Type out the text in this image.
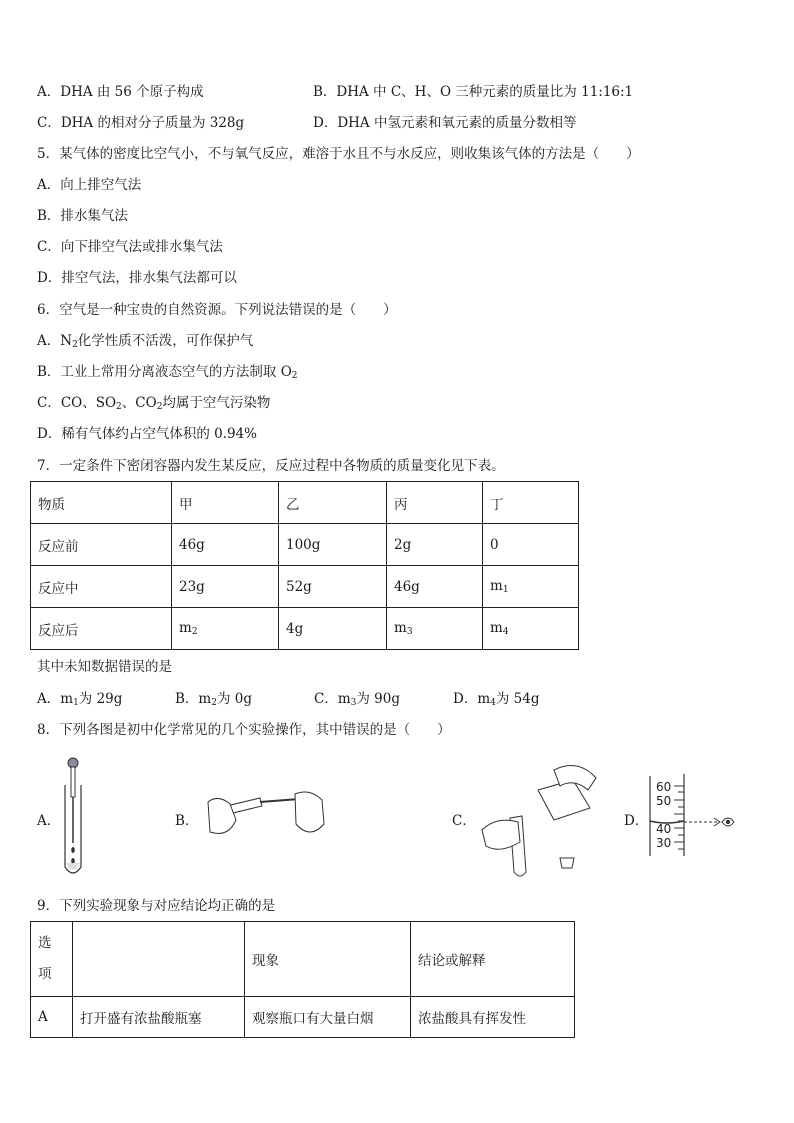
A．DHA 由 56 个原子构成	B．DHA 中 C、H、O 三种元素的质量比为 11:16:1
C．DHA 的相对分子质量为 328g	D．DHA 中氢元素和氧元素的质量分数相等
5．某气体的密度比空气小，不与氧气反应，难溶于水且不与水反应，则收集该气体的方法是（　　）
A．向上排空气法
B．排水集气法
C．向下排空气法或排水集气法
D．排空气法，排水集气法都可以
6．空气是一种宝贵的自然资源。下列说法错误的是（　　）
A．$N_2$化学性质不活泼，可作保护气
B．工业上常用分离液态空气的方法制取 $O_2$
C．CO、$SO_2$、$CO_2$均属于空气污染物
D．稀有气体约占空气体积的 0.94%
7．一定条件下密闭容器内发生某反应，反应过程中各物质的质量变化见下表。
物质	甲	乙	丙	丁
反应前	46g	100g	2g	0
反应中	23g	52g	46g	$m_1$
反应后	$m_2$	4g	$m_3$	$m_4$
其中未知数据错误的是
A．$m_1$为 29g	B．$m_2$为 0g	C．$m_3$为 90g	D．$m_4$为 54g
8．下列各图是初中化学常见的几个实验操作，其中错误的是（　　）
A．	B．	C．	D．
60
50
40
30
9．下列实验现象与对应结论均正确的是
选
项		现象	结论或解释
A	打开盛有浓盐酸瓶塞	观察瓶口有大量白烟	浓盐酸具有挥发性
